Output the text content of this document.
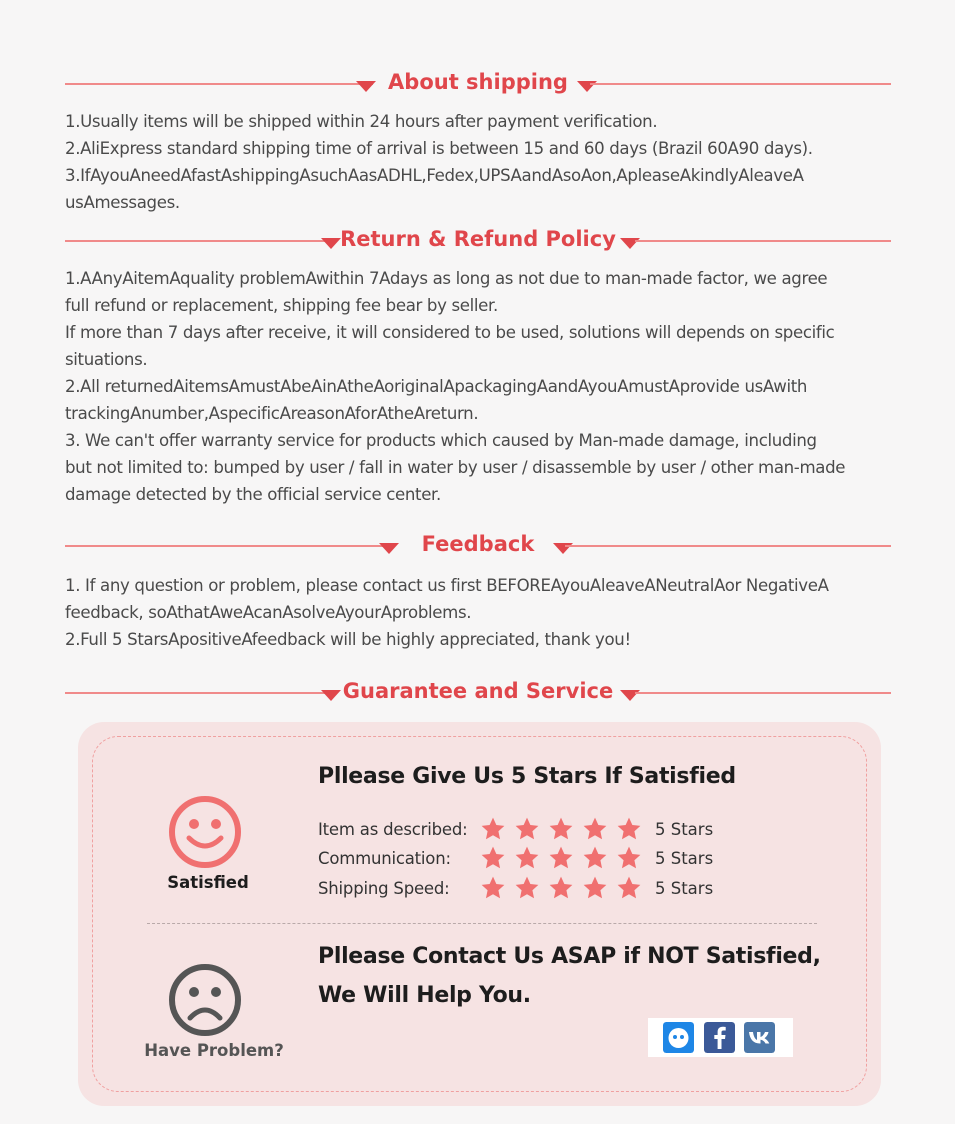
About shipping

1.Usually items will be shipped within 24 hours after payment verification.

2.AliExpress standard shipping time of arrival is between 15 and 60 days (Brazil 60A90 days).

3.IfAyouAneedAfastAshippingAsuchAasADHL,Fedex,UPSAandAsoAon,ApleaseAkindlyAleaveA

usAmessages.

Return & Refund Policy

1.AAnyAitemAquality problemAwithin 7Adays as long as not due to man-made factor, we agree

full refund or replacement, shipping fee bear by seller.

If more than 7 days after receive, it will considered to be used, solutions will depends on specific

situations.

2.All returnedAitemsAmustAbeAinAtheAoriginalApackagingAandAyouAmustAprovide usAwith

trackingAnumber,AspecificAreasonAforAtheAreturn.

3. We can't offer warranty service for products which caused by Man-made damage, including

but not limited to: bumped by user / fall in water by user / disassemble by user / other man-made

damage detected by the official service center.

Feedback

1. If any question or problem, please contact us first BEFOREAyouAleaveANeutralAor NegativeA

feedback, soAthatAweAcanAsolveAyourAproblems.

2.Full 5 StarsApositiveAfeedback will be highly appreciated, thank you!

Guarantee and Service
Satisfied
Pllease Give Us 5 Stars If Satisfied
Item as described:	5 Stars
Communication:	5 Stars
Shipping Speed:	5 Stars
Have Problem?
Pllease Contact Us ASAP if NOT Satisfied,
We Will Help You.
